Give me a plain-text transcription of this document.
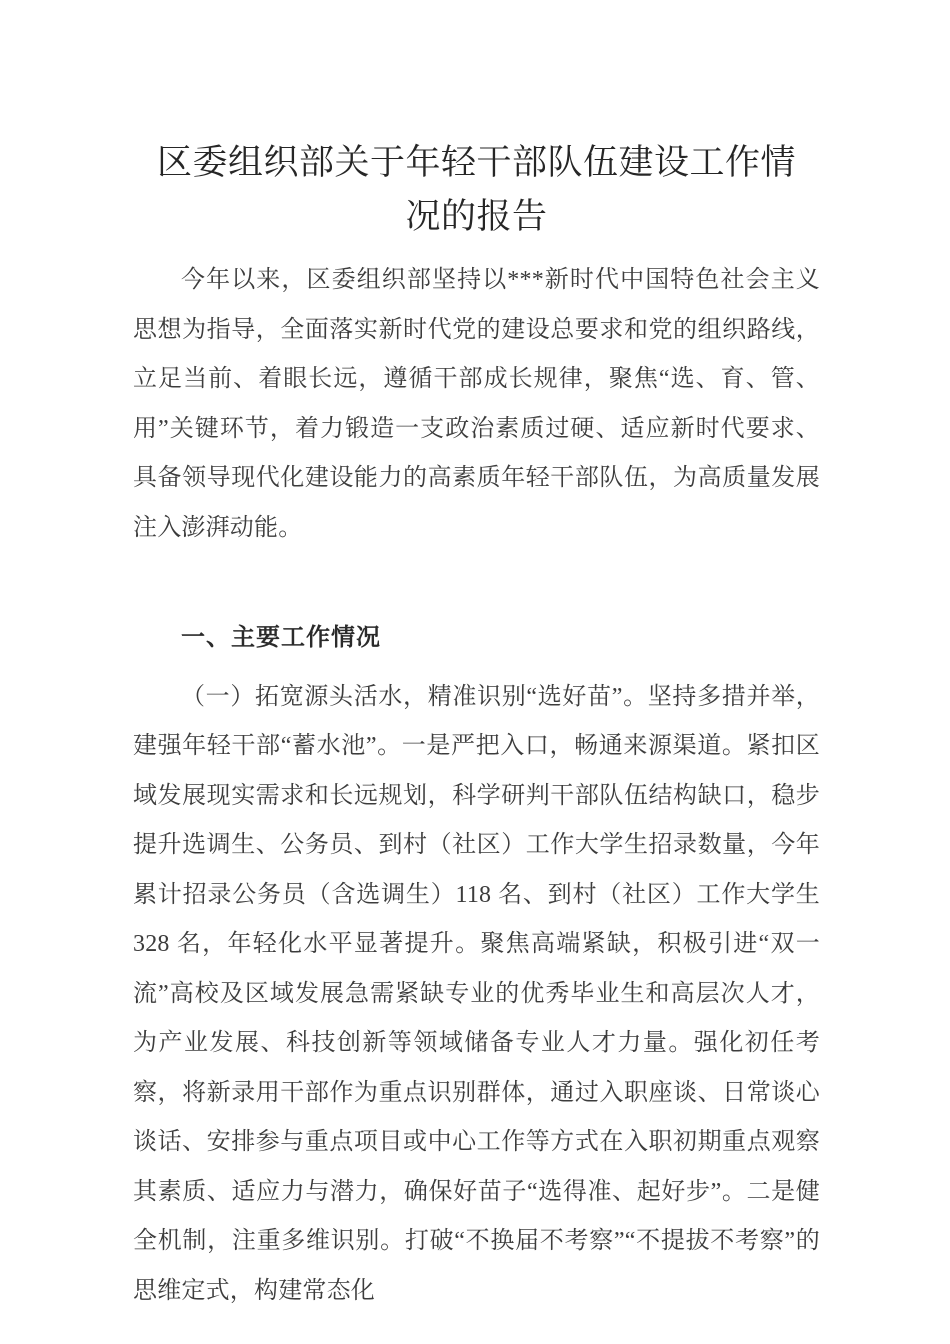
区委组织部关于年轻干部队伍建设工作情况的报告

今年以来，区委组织部坚持以***新时代中国特色社会主义思想为指导，全面落实新时代党的建设总要求和党的组织路线，立足当前、着眼长远，遵循干部成长规律，聚焦“选、育、管、用”关键环节，着力锻造一支政治素质过硬、适应新时代要求、具备领导现代化建设能力的高素质年轻干部队伍，为高质量发展注入澎湃动能。

一、主要工作情况

（一）拓宽源头活水，精准识别“选好苗”。坚持多措并举，建强年轻干部“蓄水池”。一是严把入口，畅通来源渠道。紧扣区域发展现实需求和长远规划，科学研判干部队伍结构缺口，稳步提升选调生、公务员、到村（社区）工作大学生招录数量，今年累计招录公务员（含选调生）118 名、到村（社区）工作大学生 328 名，年轻化水平显著提升。聚焦高端紧缺，积极引进“双一流”高校及区域发展急需紧缺专业的优秀毕业生和高层次人才，为产业发展、科技创新等领域储备专业人才力量。强化初任考察，将新录用干部作为重点识别群体，通过入职座谈、日常谈心谈话、安排参与重点项目或中心工作等方式在入职初期重点观察其素质、适应力与潜力，确保好苗子“选得准、起好步”。二是健全机制，注重多维识别。打破“不换届不考察”“不提拔不考察”的思维定式，构建常态化
